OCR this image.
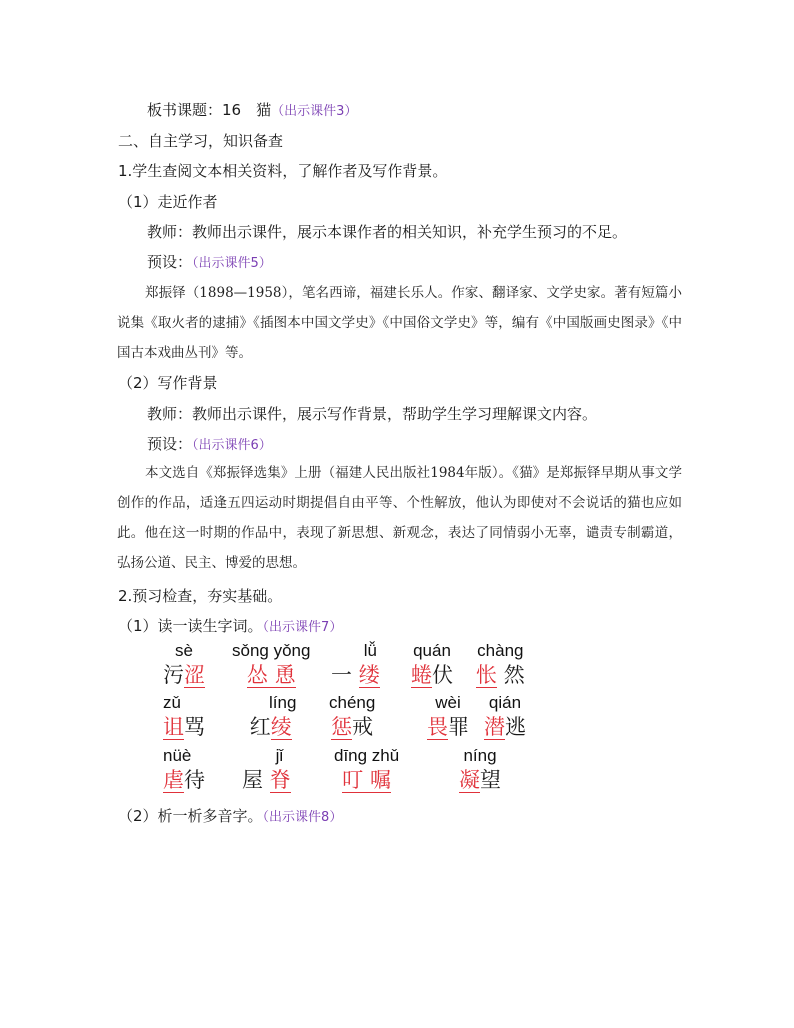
板书课题：16　猫（出示课件3）
二、自主学习，知识备查
1.学生查阅文本相关资料，了解作者及写作背景。
（1）走近作者
教师：教师出示课件，展示本课作者的相关知识，补充学生预习的不足。
预设：（出示课件5）

郑振铎（1898—1958），笔名西谛，福建长乐人。作家、翻译家、文学史家。著有短篇小说集《取火者的逮捕》《插图本中国文学史》《中国俗文学史》等，编有《中国版画史图录》《中国古本戏曲丛刊》等。

（2）写作背景
教师：教师出示课件，展示写作背景，帮助学生学习理解课文内容。
预设：（出示课件6）

本文选自《郑振铎选集》上册（福建人民出版社1984年版）。《猫》是郑振铎早期从事文学创作的作品，适逢五四运动时期提倡自由平等、个性解放，他认为即使对不会说话的猫也应如此。他在这一时期的作品中，表现了新思想、新观念，表达了同情弱小无辜，谴责专制霸道，弘扬公道、民主、博爱的思想。

2.预习检查，夯实基础。
（1）读一读生字词。（出示课件7）
sè
污涩
sǒng yǒng
怂 恿
lǚ
一 缕
quán
蜷伏
chàng
怅 然
zǔ
诅骂
líng
红绫
chéng
惩戒
wèi
畏罪
qián
潜逃
nüè
虐待
jǐ
屋 脊
dīng zhǔ
叮 嘱
níng
凝望
（2）析一析多音字。（出示课件8）
